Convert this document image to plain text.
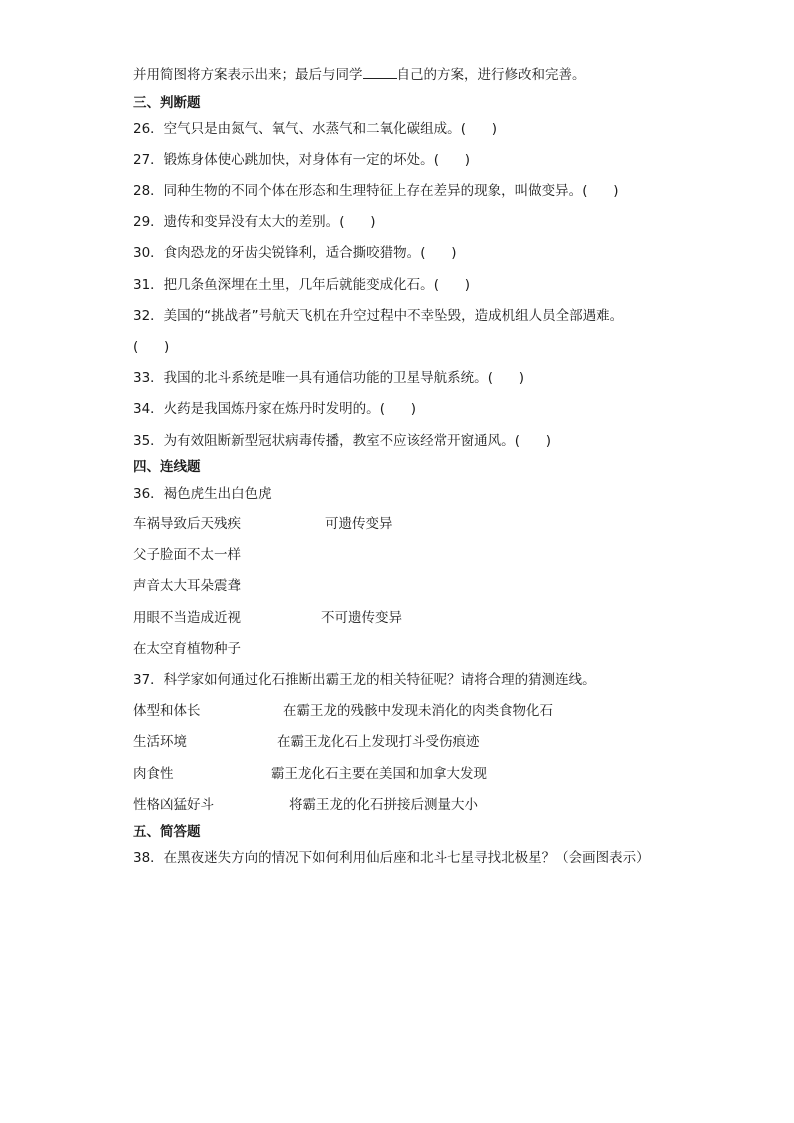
并用简图将方案表示出来；最后与同学	自己的方案，进行修改和完善。
三、判断题
26．空气只是由氮气、氧气、水蒸气和二氧化碳组成。(      )
27．锻炼身体使心跳加快，对身体有一定的坏处。(      )
28．同种生物的不同个体在形态和生理特征上存在差异的现象，叫做变异。(      )
29．遗传和变异没有太大的差别。(      )
30．食肉恐龙的牙齿尖锐锋利，适合撕咬猎物。(      )
31．把几条鱼深埋在土里，几年后就能变成化石。(      )
32．美国的“挑战者”号航天飞机在升空过程中不幸坠毁，造成机组人员全部遇难。
(      )
33．我国的北斗系统是唯一具有通信功能的卫星导航系统。(      )
34．火药是我国炼丹家在炼丹时发明的。(      )
35．为有效阻断新型冠状病毒传播，教室不应该经常开窗通风。(      )
四、连线题
36．褐色虎生出白色虎
车祸导致后天残疾	可遗传变异
父子脸面不太一样
声音太大耳朵震聋
用眼不当造成近视	不可遗传变异
在太空育植物种子
37．科学家如何通过化石推断出霸王龙的相关特征呢？请将合理的猜测连线。
体型和体长	在霸王龙的残骸中发现未消化的肉类食物化石
生活环境	在霸王龙化石上发现打斗受伤痕迹
肉食性	霸王龙化石主要在美国和加拿大发现
性格凶猛好斗	将霸王龙的化石拼接后测量大小
五、简答题
38．在黑夜迷失方向的情况下如何利用仙后座和北斗七星寻找北极星？（会画图表示）
